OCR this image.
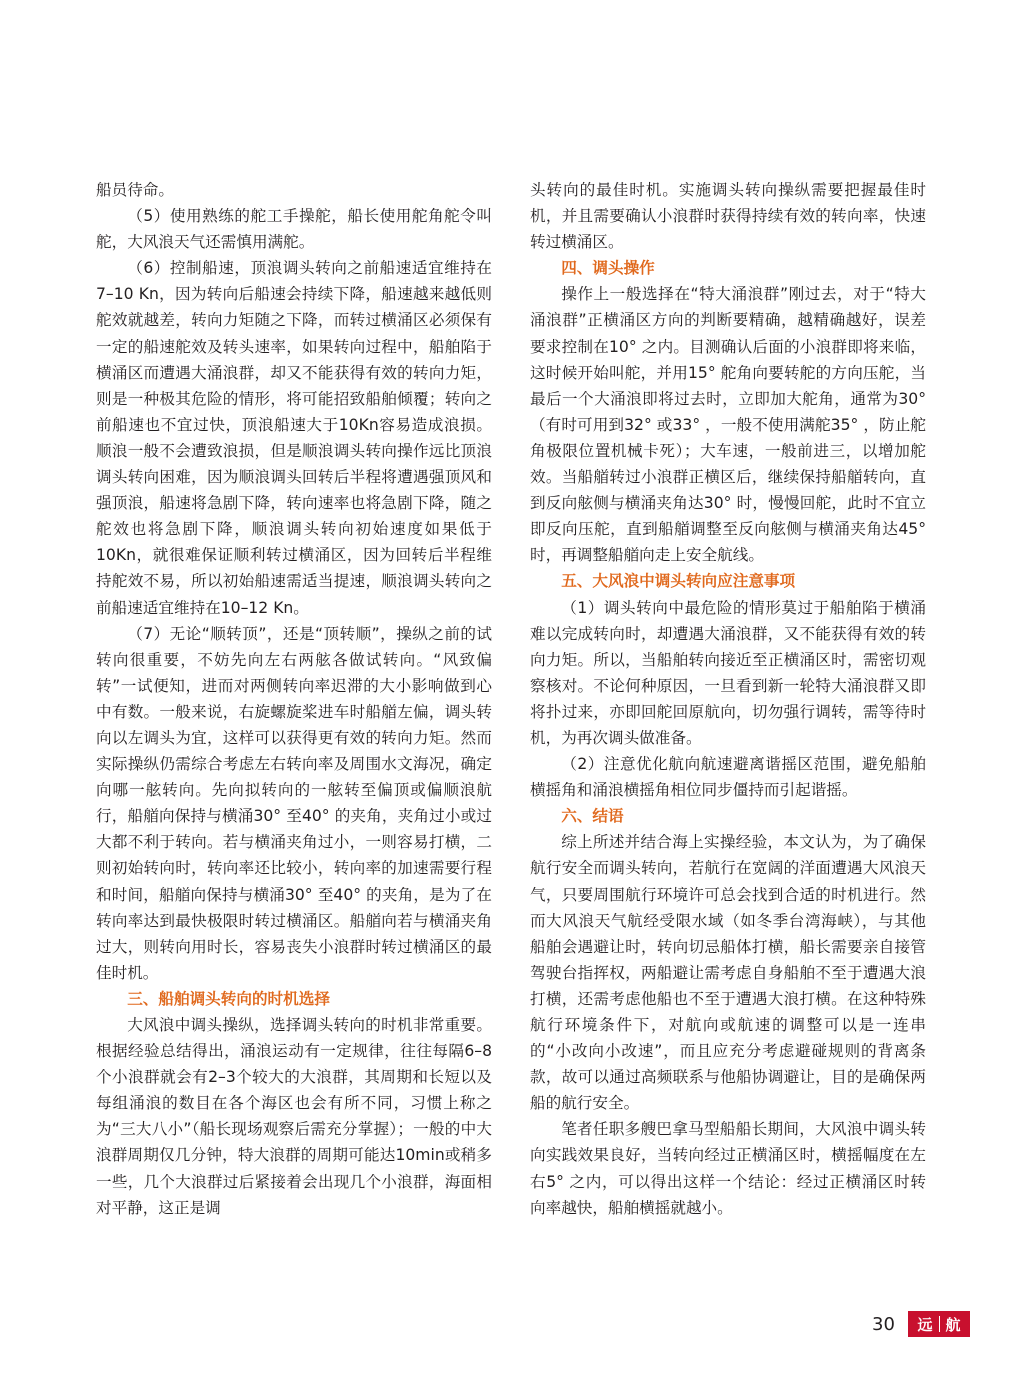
船员待命。

（5）使用熟练的舵工手操舵，船长使用舵角舵令叫舵，大风浪天气还需慎用满舵。

（6）控制船速，顶浪调头转向之前船速适宜维持在7–10 Kn，因为转向后船速会持续下降，船速越来越低则舵效就越差，转向力矩随之下降，而转过横涌区必须保有一定的船速舵效及转头速率，如果转向过程中，船舶陷于横涌区而遭遇大涌浪群，却又不能获得有效的转向力矩，则是一种极其危险的情形，将可能招致船舶倾覆；转向之前船速也不宜过快，顶浪船速大于10Kn容易造成浪损。顺浪一般不会遭致浪损，但是顺浪调头转向操作远比顶浪调头转向困难，因为顺浪调头回转后半程将遭遇强顶风和强顶浪，船速将急剧下降，转向速率也将急剧下降，随之舵效也将急剧下降，顺浪调头转向初始速度如果低于10Kn，就很难保证顺利转过横涌区，因为回转后半程维持舵效不易，所以初始船速需适当提速，顺浪调头转向之前船速适宜维持在10–12 Kn。

（7）无论“顺转顶”，还是“顶转顺”，操纵之前的试转向很重要，不妨先向左右两舷各做试转向。“风致偏转”一试便知，进而对两侧转向率迟滞的大小影响做到心中有数。一般来说，右旋螺旋桨进车时船艏左偏，调头转向以左调头为宜，这样可以获得更有效的转向力矩。然而实际操纵仍需综合考虑左右转向率及周围水文海况，确定向哪一舷转向。先向拟转向的一舷转至偏顶或偏顺浪航行，船艏向保持与横涌30° 至40° 的夹角，夹角过小或过大都不利于转向。若与横涌夹角过小，一则容易打横，二则初始转向时，转向率还比较小，转向率的加速需要行程和时间，船艏向保持与横涌30° 至40° 的夹角，是为了在转向率达到最快极限时转过横涌区。船艏向若与横涌夹角过大，则转向用时长，容易丧失小浪群时转过横涌区的最佳时机。

三、船舶调头转向的时机选择

大风浪中调头操纵，选择调头转向的时机非常重要。根据经验总结得出，涌浪运动有一定规律，往往每隔6–8个小浪群就会有2–3个较大的大浪群，其周期和长短以及每组涌浪的数目在各个海区也会有所不同，习惯上称之为“三大八小”（船长现场观察后需充分掌握）；一般的中大浪群周期仅几分钟，特大浪群的周期可能达10min或稍多一些，几个大浪群过后紧接着会出现几个小浪群，海面相对平静，这正是调

头转向的最佳时机。实施调头转向操纵需要把握最佳时机，并且需要确认小浪群时获得持续有效的转向率，快速转过横涌区。

四、调头操作

操作上一般选择在“特大涌浪群”刚过去，对于“特大涌浪群”正横涌区方向的判断要精确，越精确越好，误差要求控制在10° 之内。目测确认后面的小浪群即将来临，这时候开始叫舵，并用15° 舵角向要转舵的方向压舵，当最后一个大涌浪即将过去时，立即加大舵角，通常为30° （有时可用到32° 或33° ，一般不使用满舵35° ，防止舵角极限位置机械卡死）；大车速，一般前进三，以增加舵效。当船艏转过小浪群正横区后，继续保持船艏转向，直到反向舷侧与横涌夹角达30° 时，慢慢回舵，此时不宜立即反向压舵，直到船艏调整至反向舷侧与横涌夹角达45° 时，再调整船艏向走上安全航线。

五、大风浪中调头转向应注意事项

（1）调头转向中最危险的情形莫过于船舶陷于横涌难以完成转向时，却遭遇大涌浪群，又不能获得有效的转向力矩。所以，当船舶转向接近至正横涌区时，需密切观察核对。不论何种原因，一旦看到新一轮特大涌浪群又即将扑过来，亦即回舵回原航向，切勿强行调转，需等待时机，为再次调头做准备。

（2）注意优化航向航速避离谐摇区范围，避免船舶横摇角和涌浪横摇角相位同步僵持而引起谐摇。

六、结语

综上所述并结合海上实操经验，本文认为，为了确保航行安全而调头转向，若航行在宽阔的洋面遭遇大风浪天气，只要周围航行环境许可总会找到合适的时机进行。然而大风浪天气航经受限水域（如冬季台湾海峡），与其他船舶会遇避让时，转向切忌船体打横，船长需要亲自接管驾驶台指挥权，两船避让需考虑自身船舶不至于遭遇大浪打横，还需考虑他船也不至于遭遇大浪打横。在这种特殊航行环境条件下，对航向或航速的调整可以是一连串的“小改向小改速”，而且应充分考虑避碰规则的背离条款，故可以通过高频联系与他船协调避让，目的是确保两船的航行安全。

笔者任职多艘巴拿马型船船长期间，大风浪中调头转向实践效果良好，当转向经过正横涌区时，横摇幅度在左右5° 之内，可以得出这样一个结论：经过正横涌区时转向率越快，船舶横摇就越小。

30 远 航
